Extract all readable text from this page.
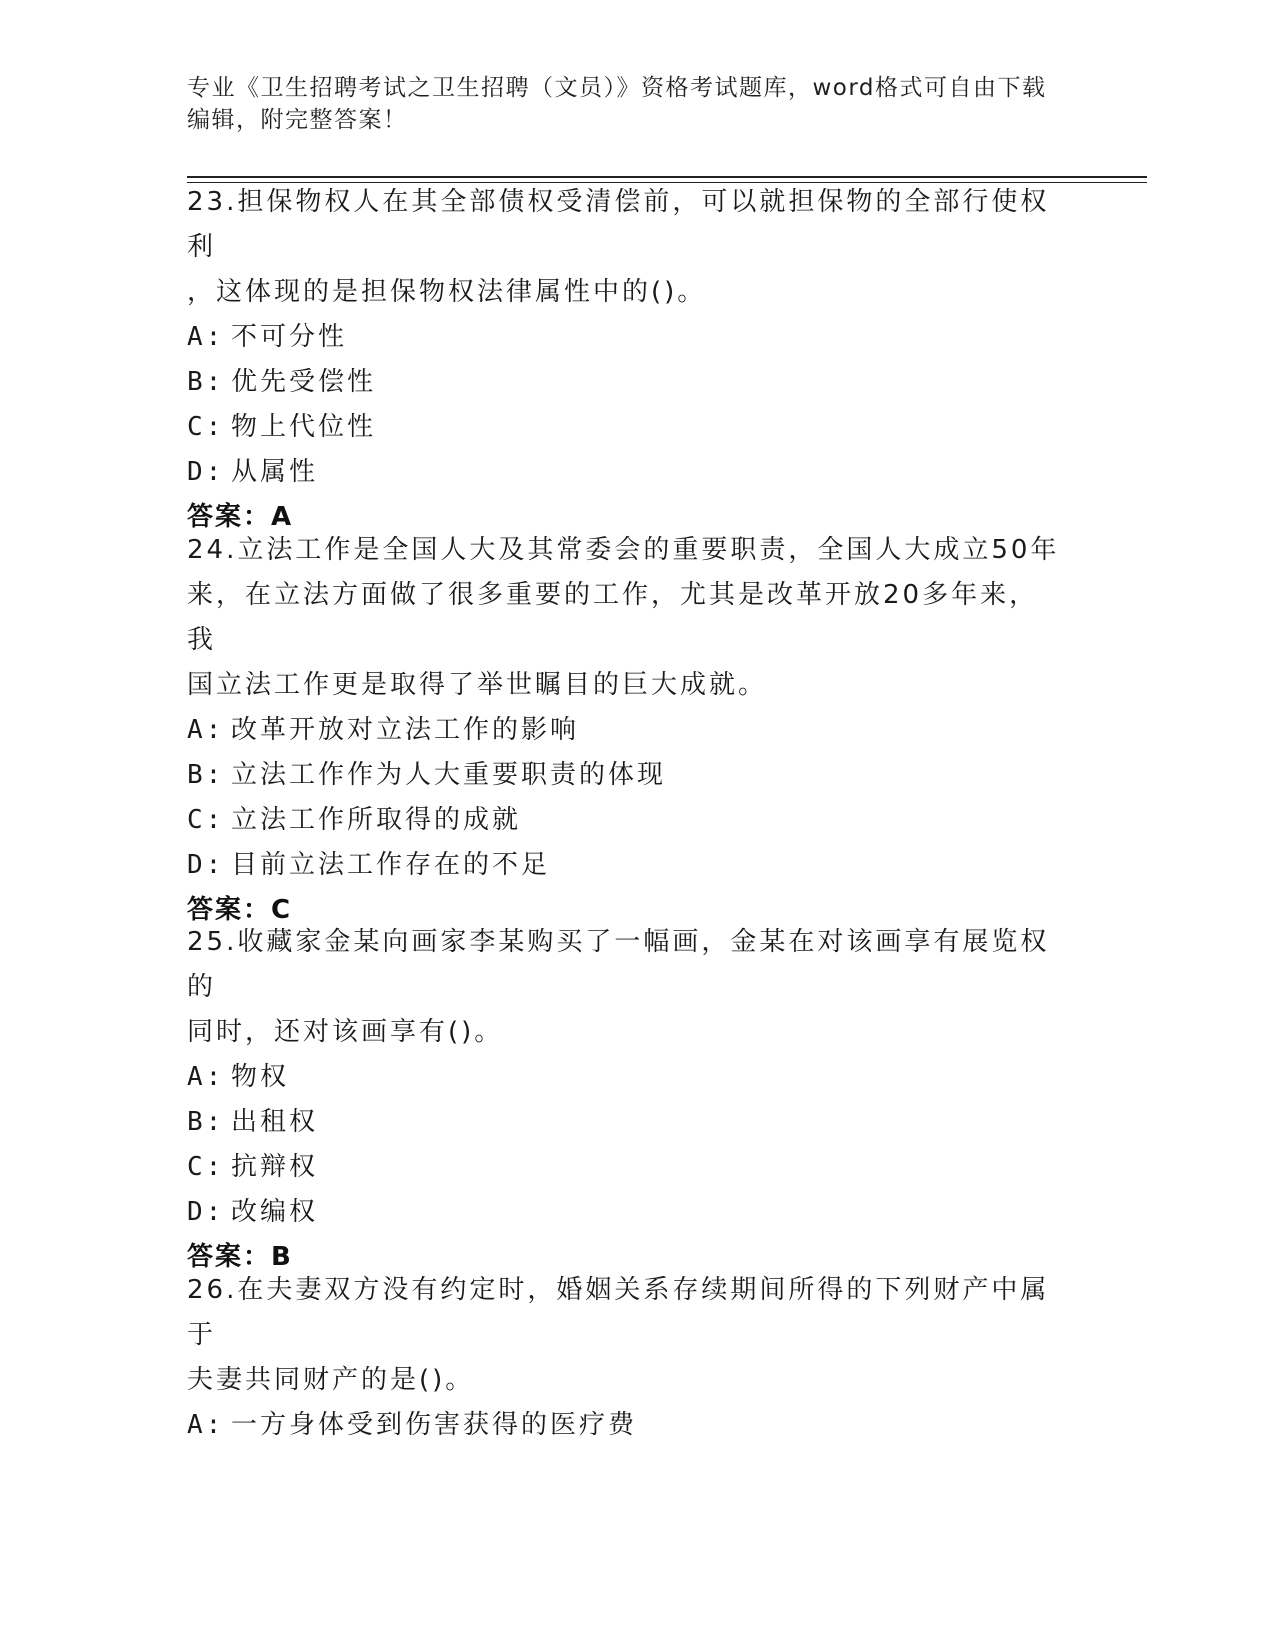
专业《卫生招聘考试之卫生招聘（文员）》资格考试题库，word格式可自由下载
编辑，附完整答案！
23.担保物权人在其全部债权受清偿前，可以就担保物的全部行使权利
，这体现的是担保物权法律属性中的()。
A: 不可分性
B: 优先受偿性
C: 物上代位性
D: 从属性
答案：A
24.立法工作是全国人大及其常委会的重要职责，全国人大成立50年
来，在立法方面做了很多重要的工作，尤其是改革开放20多年来，我
国立法工作更是取得了举世瞩目的巨大成就。
A: 改革开放对立法工作的影响
B: 立法工作作为人大重要职责的体现
C: 立法工作所取得的成就
D: 目前立法工作存在的不足
答案：C
25.收藏家金某向画家李某购买了一幅画，金某在对该画享有展览权的
同时，还对该画享有()。
A: 物权
B: 出租权
C: 抗辩权
D: 改编权
答案：B
26.在夫妻双方没有约定时，婚姻关系存续期间所得的下列财产中属于
夫妻共同财产的是()。
A: 一方身体受到伤害获得的医疗费
